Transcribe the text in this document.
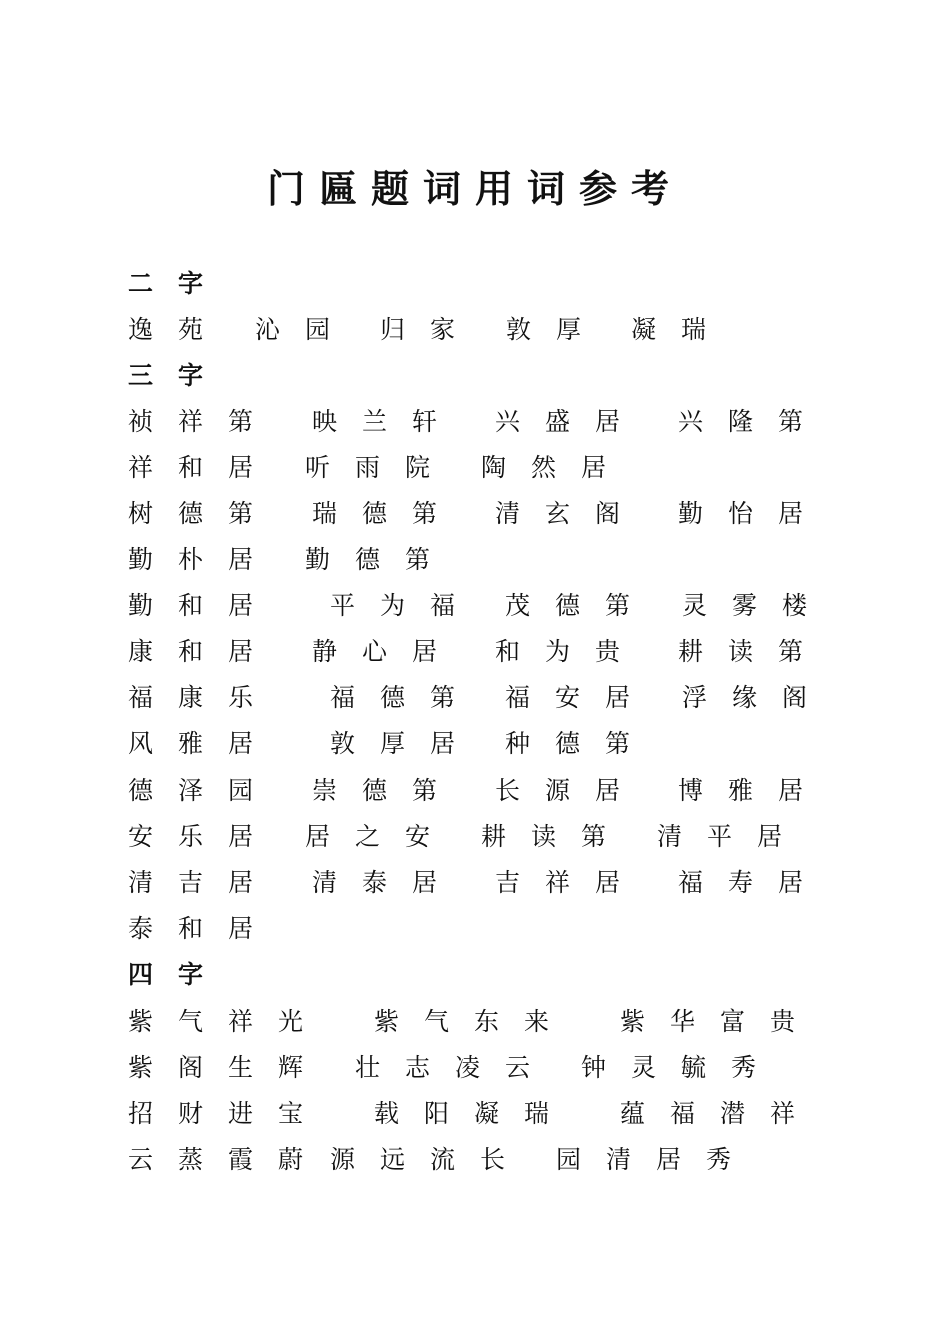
门匾题词用词参考
二字
逸苑 沁园 归家 敦厚 凝瑞
三字
祯祥第 映兰轩 兴盛居 兴隆第
祥和居 听雨院 陶然居
树德第 瑞德第 清玄阁 勤怡居
勤朴居 勤德第
勤和居 平为福 茂德第 灵雾楼
康和居 静心居 和为贵 耕读第
福康乐 福德第 福安居 浮缘阁
风雅居 敦厚居 种德第
德泽园 崇德第 长源居 博雅居
安乐居 居之安 耕读第 清平居
清吉居 清泰居 吉祥居 福寿居
泰和居
四字
紫气祥光 紫气东来 紫华富贵
紫阁生辉 壮志凌云 钟灵毓秀
招财进宝 载阳凝瑞 蕴福潜祥
云蒸霞蔚 源远流长 园清居秀
